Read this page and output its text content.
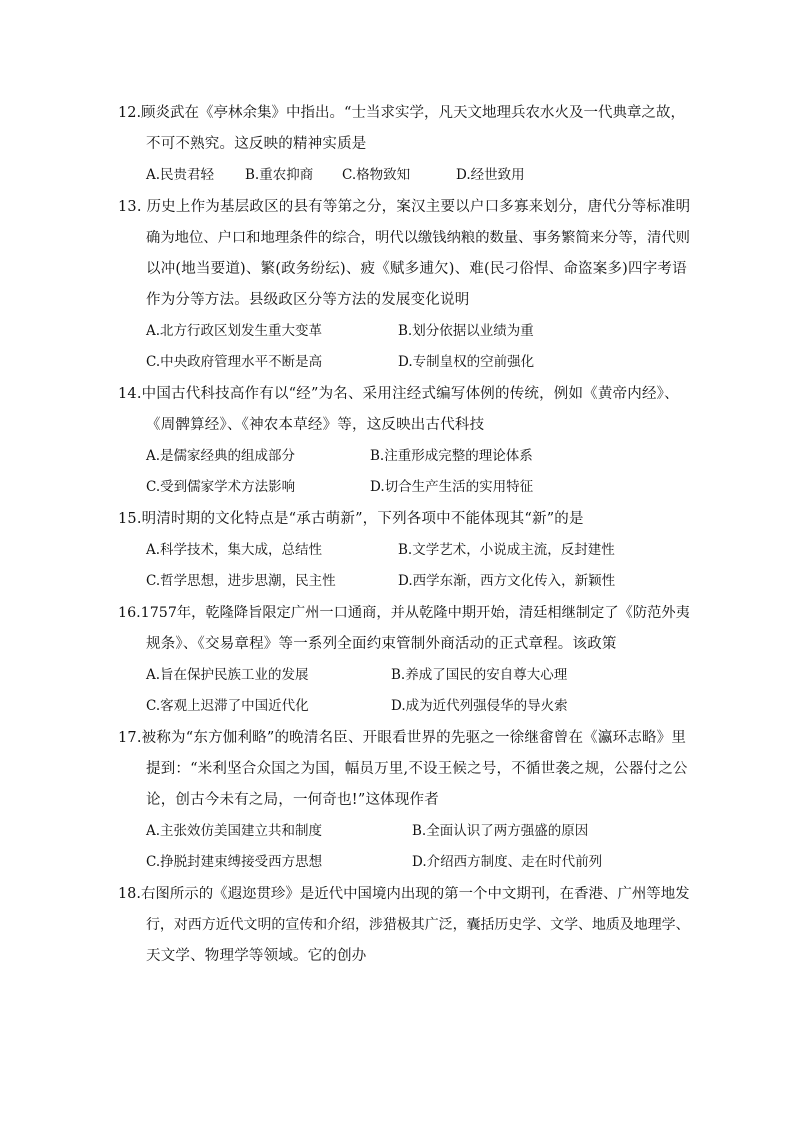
12.顾炎武在《亭林余集》中指出。“士当求实学，凡天文地理兵农水火及一代典章之故，
不可不熟究。这反映的精神实质是
A.民贵君轻 B.重农抑商 C.格物致知	D.经世致用
13. 历史上作为基层政区的县有等第之分，案汉主要以户口多寡来划分，唐代分等标准明
确为地位、户口和地理条件的综合，明代以缴钱纳粮的数量、事务繁简来分等，清代则
以冲(地当要道)、繁(政务纷纭)、疲《赋多逋欠)、难(民刁俗悍、命盗案多)四字考语
作为分等方法。县级政区分等方法的发展变化说明
A.北方行政区划发生重大变革	B.划分依据以业绩为重
C.中央政府管理水平不断是高	D.专制皇权的空前强化
14.中国古代科技高作有以“经”为名、采用注经式编写体例的传统，例如《黄帝内经》、
《周髀算经》、《神农本草经》等，这反映出古代科技
A.是儒家经典的组成部分	B.注重形成完整的理论体系
C.受到儒家学术方法影响	D.切合生产生活的实用特征
15.明清时期的文化特点是“承古萌新”，下列各项中不能体现其“新”的是
A.科学技术，集大成，总结性	B.文学艺术，小说成主流，反封建性
C.哲学思想，进步思潮，民主性	D.西学东渐，西方文化传入，新颖性
16.1757年，乾隆降旨限定广州一口通商，并从乾隆中期开始，清廷相继制定了《防范外夷
规条》、《交易章程》等一系列全面约束管制外商活动的正式章程。该政策
A.旨在保护民族工业的发展	B.养成了国民的安自尊大心理
C.客观上迟滞了中国近代化	D.成为近代列强侵华的导火索
17.被称为“东方伽利略”的晚清名臣、开眼看世界的先驱之一徐继畲曾在《瀛环志略》里
提到：“米利坚合众国之为国，幅员万里,不设王候之号，不循世袭之规，公器付之公
论，创古今未有之局，一何奇也!”这体现作者
A.主张效仿美国建立共和制度	B.全面认识了两方强盛的原因
C.挣脱封建束缚接受西方思想	D.介绍西方制度、走在时代前列
18.右图所示的《遐迩贯珍》是近代中国境内出现的第一个中文期刊，在香港、广州等地发
行，对西方近代文明的宣传和介绍，涉猎极其广泛，囊括历史学、文学、地质及地理学、
天文学、物理学等领域。它的创办
